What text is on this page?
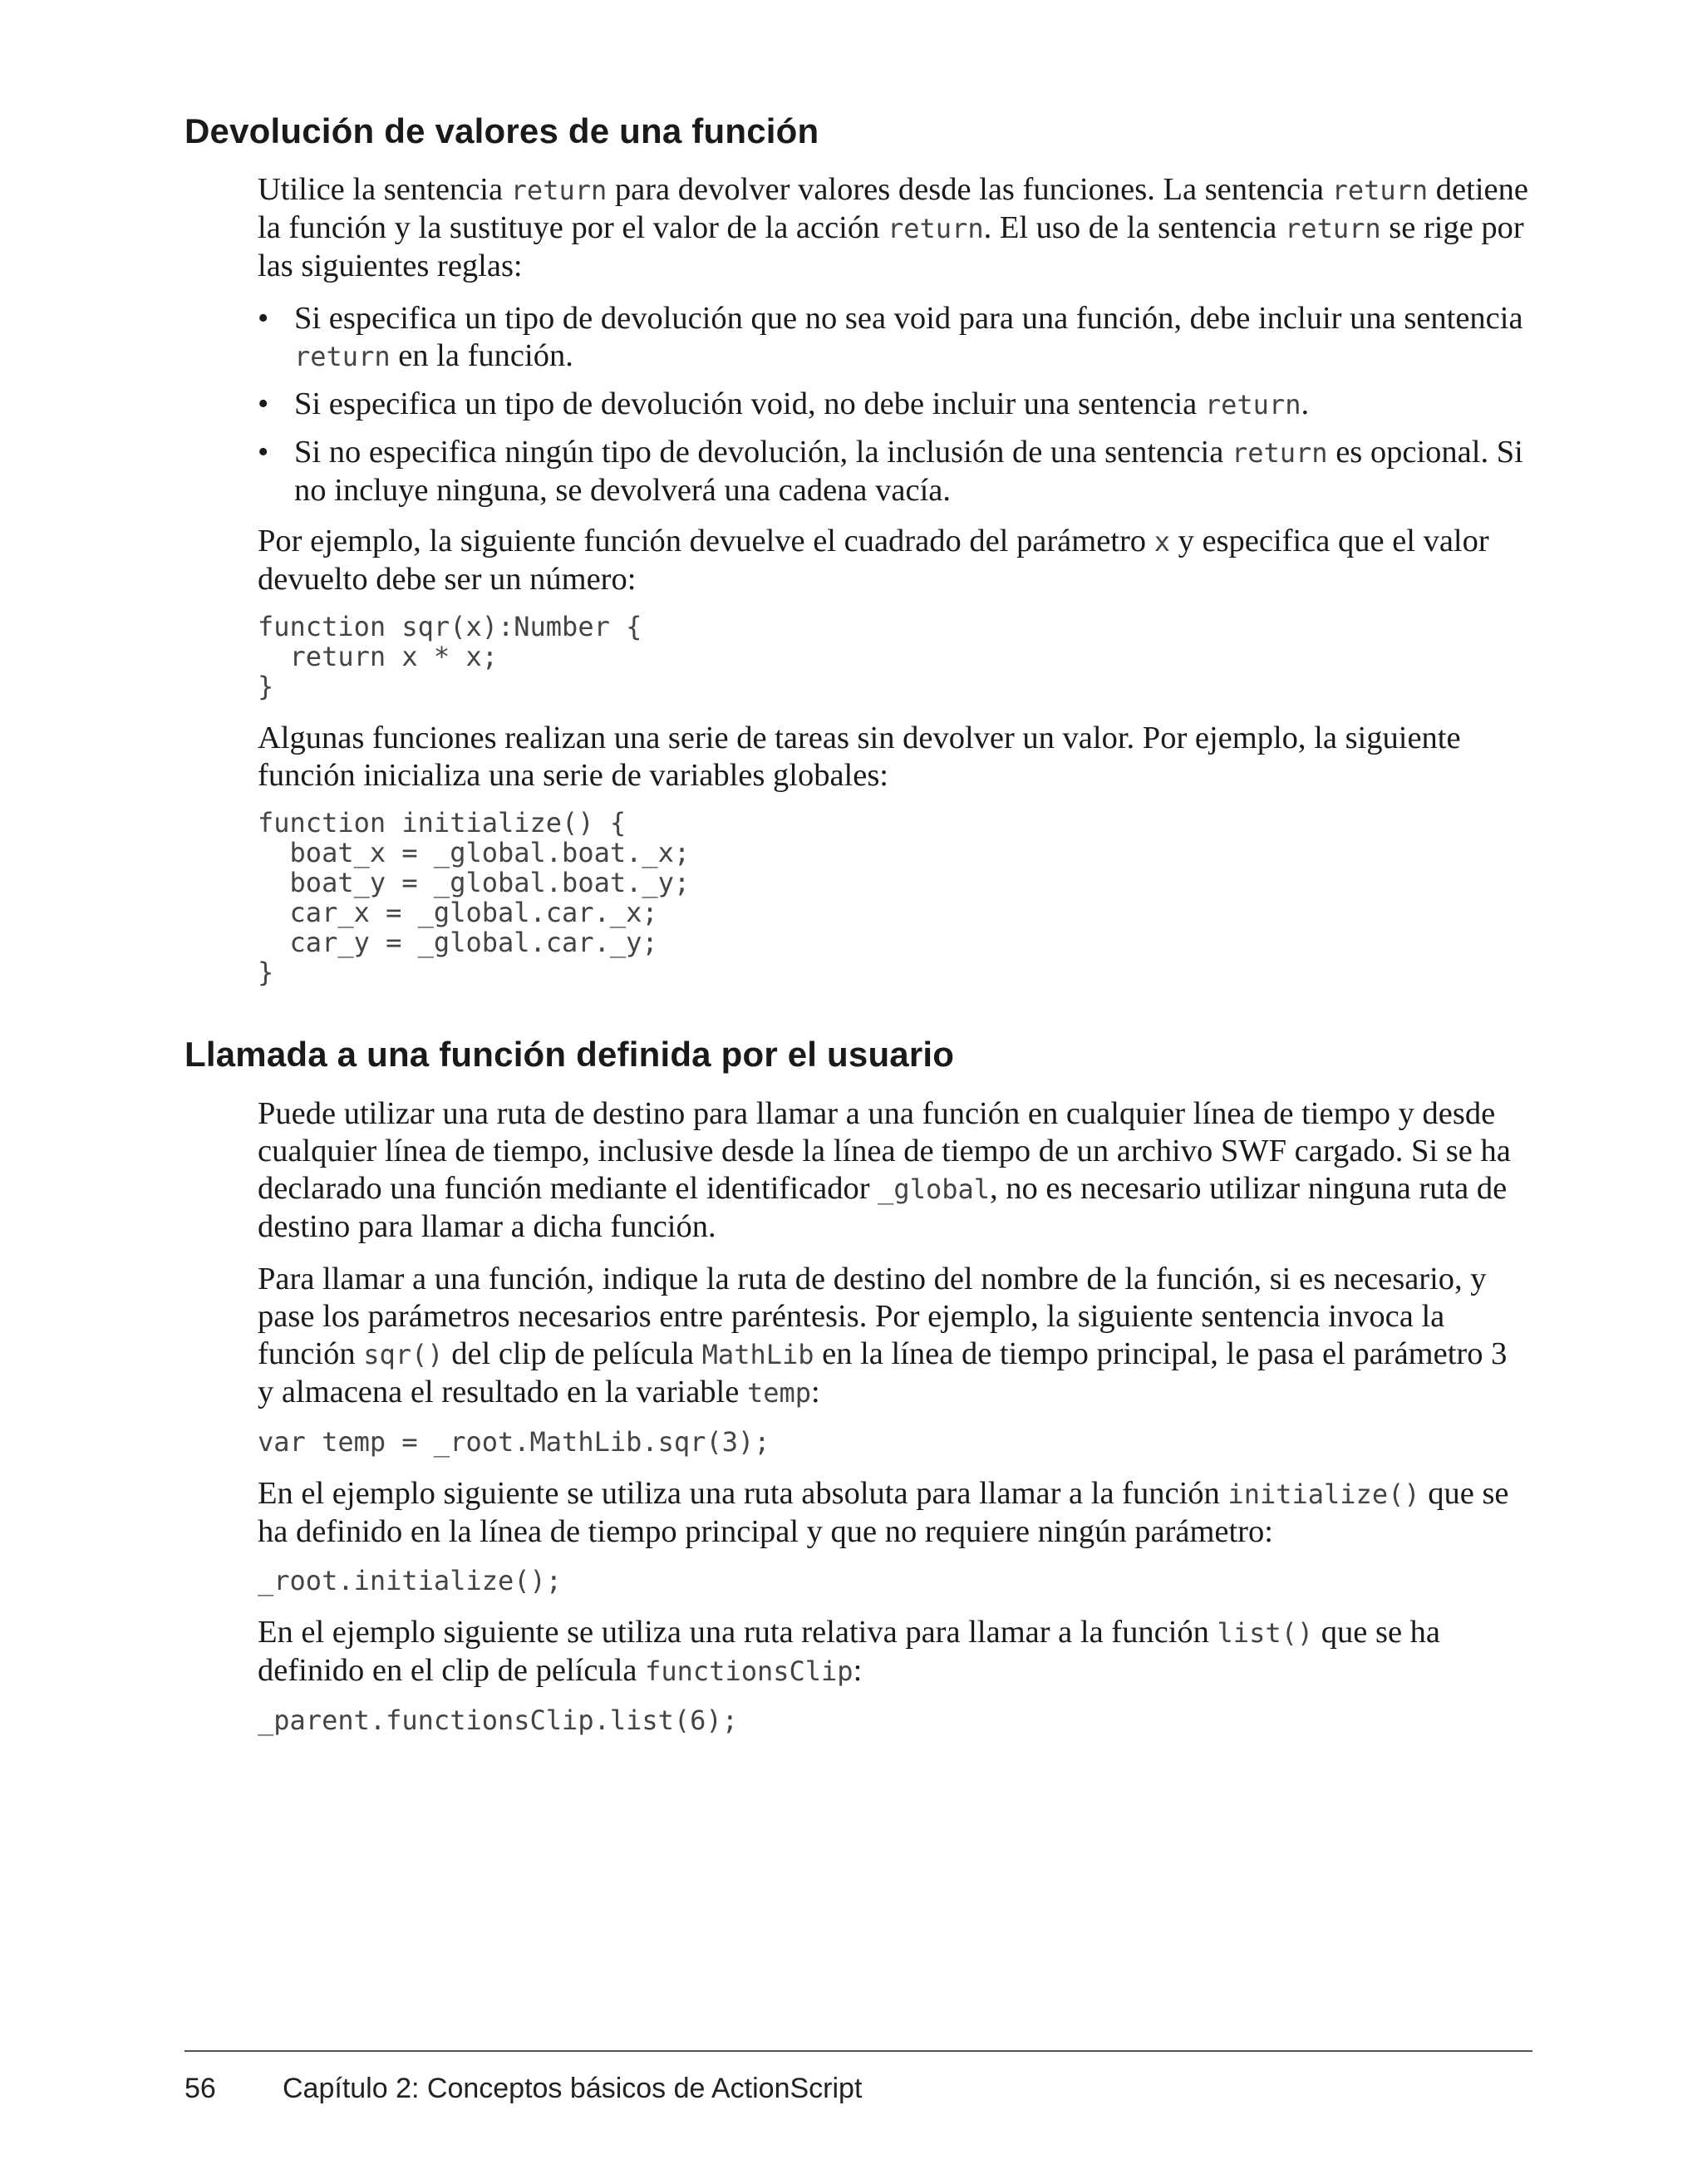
Devolución de valores de una función

Utilice la sentencia return para devolver valores desde las funciones. La sentencia return detiene la función y la sustituye por el valor de la acción return. El uso de la sentencia return se rige por las siguientes reglas:

• Si especifica un tipo de devolución que no sea void para una función, debe incluir una sentencia return en la función.
• Si especifica un tipo de devolución void, no debe incluir una sentencia return.
• Si no especifica ningún tipo de devolución, la inclusión de una sentencia return es opcional. Si no incluye ninguna, se devolverá una cadena vacía.

Por ejemplo, la siguiente función devuelve el cuadrado del parámetro x y especifica que el valor devuelto debe ser un número:

function sqr(x):Number {
return x * x;
}

Algunas funciones realizan una serie de tareas sin devolver un valor. Por ejemplo, la siguiente función inicializa una serie de variables globales:

function initialize() {
boat_x = _global.boat._x;
boat_y = _global.boat._y;
car_x = _global.car._x;
car_y = _global.car._y;
}
Llamada a una función definida por el usuario

Puede utilizar una ruta de destino para llamar a una función en cualquier línea de tiempo y desde cualquier línea de tiempo, inclusive desde la línea de tiempo de un archivo SWF cargado. Si se ha declarado una función mediante el identificador _global, no es necesario utilizar ninguna ruta de destino para llamar a dicha función.

Para llamar a una función, indique la ruta de destino del nombre de la función, si es necesario, y pase los parámetros necesarios entre paréntesis. Por ejemplo, la siguiente sentencia invoca la función sqr() del clip de película MathLib en la línea de tiempo principal, le pasa el parámetro 3 y almacena el resultado en la variable temp:

var temp = _root.MathLib.sqr(3);

En el ejemplo siguiente se utiliza una ruta absoluta para llamar a la función initialize() que se ha definido en la línea de tiempo principal y que no requiere ningún parámetro:

_root.initialize();

En el ejemplo siguiente se utiliza una ruta relativa para llamar a la función list() que se ha definido en el clip de película functionsClip:

_parent.functionsClip.list(6);
56 Capítulo 2: Conceptos básicos de ActionScript
